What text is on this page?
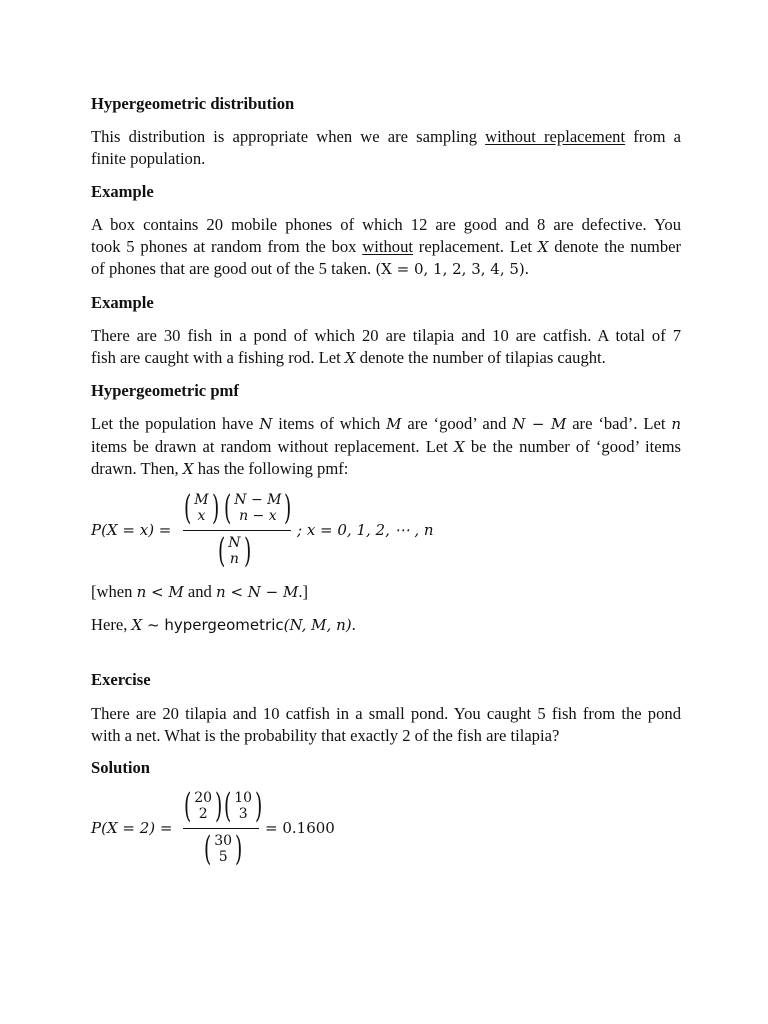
Hypergeometric distribution
This distribution is appropriate when we are sampling without replacement from a
finite population.
Example
A box contains 20 mobile phones of which 12 are good and 8 are defective. You
took 5 phones at random from the box without replacement. Let X denote the number
of phones that are good out of the 5 taken. (X = 0, 1, 2, 3, 4, 5).
Example
There are 30 fish in a pond of which 20 are tilapia and 10 are catfish. A total of 7
fish are caught with a fishing rod. Let X denote the number of tilapias caught.
Hypergeometric pmf
Let the population have N items of which M are ‘good’ and N − M are ‘bad’. Let n
items be drawn at random without replacement. Let X be the number of ‘good’ items
drawn. Then, X has the following pmf:
P(X = x) =
( M
x ) ( N − M
n − x )
( N
n )
; x = 0, 1, 2, ⋯ , n
[when n < M and n < N − M.]
Here, X ~ hypergeometric(N, M, n).
Exercise
There are 20 tilapia and 10 catfish in a small pond. You caught 5 fish from the pond
with a net. What is the probability that exactly 2 of the fish are tilapia?
Solution
P(X = 2) =
( 20
2 ) ( 10
3 )
( 30
5 )
= 0.1600
